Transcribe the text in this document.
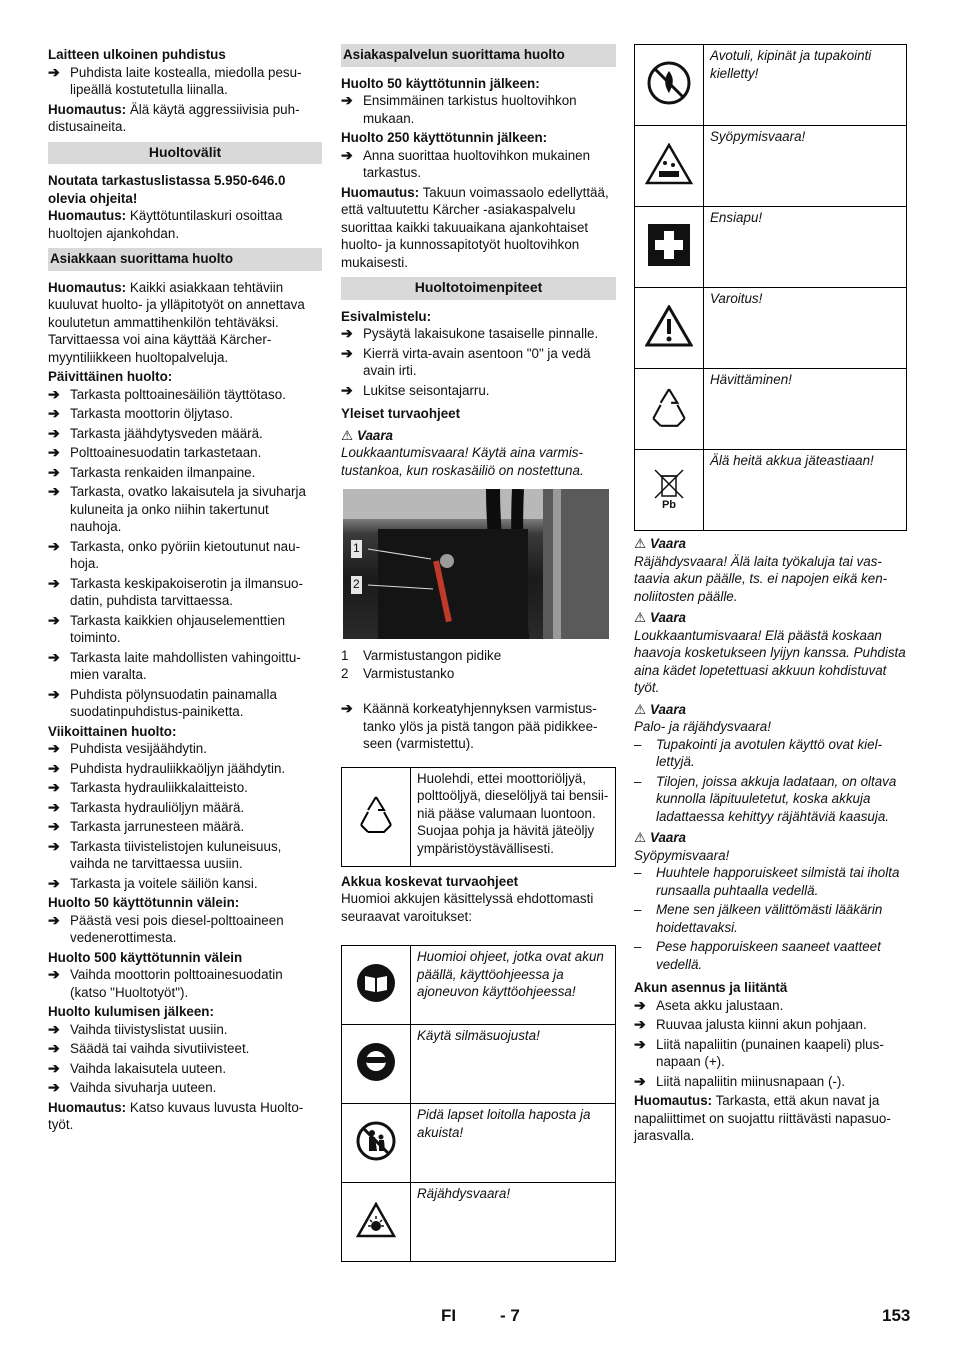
Laitteen ulkoinen puhdistus
➔ Puhdista laite kostealla, miedolla pesulipeällä kostutetulla liinalla.
Huomautus: Älä käytä aggressiivisia puhdistusaineita.
Huoltovälit
Noutata tarkastuslistassa 5.950-646.0 olevia ohjeita!
Huomautus: Käyttötuntilaskuri osoittaa huoltojen ajankohdan.
Asiakkaan suorittama huolto
Huomautus: Kaikki asiakkaan tehtäviin kuuluvat huolto- ja ylläpitotyöt on annettava koulutetun ammattihenkilön tehtäväksi. Tarvittaessa voi aina käyttää Kärcher-myyntiliikkeen huoltopalveluja.
Päivittäinen huolto:
➔ Tarkasta polttoainesäiliön täyttötaso.
➔ Tarkasta moottorin öljytaso.
➔ Tarkasta jäähdytysveden määrä.
➔ Polttoainesuodatin tarkastetaan.
➔ Tarkasta renkaiden ilmanpaine.
➔ Tarkasta, ovatko lakaisutela ja sivuharja kuluneita ja onko niihin takertunut nauhoja.
➔ Tarkasta, onko pyöriin kietoutunut nauhoja.
➔ Tarkasta keskipakoiserotin ja ilmansuodatin, puhdista tarvittaessa.
➔ Tarkasta kaikkien ohjauselementtien toiminto.
➔ Tarkasta laite mahdollisten vahingoittumien varalta.
➔ Puhdista pölynsuodatin painamalla suodatinpuhdistus-painiketta.
Viikoittainen huolto:
➔ Puhdista vesijäähdytin.
➔ Puhdista hydrauliikkaöljyn jäähdytin.
➔ Tarkasta hydrauliikkalaitteisto.
➔ Tarkasta hydrauliöljyn määrä.
➔ Tarkasta jarrunesteen määrä.
➔ Tarkasta tiivistelistojen kuluneisuus, vaihda ne tarvittaessa uusiin.
➔ Tarkasta ja voitele säiliön kansi.
Huolto 50 käyttötunnin välein:
➔ Päästä vesi pois diesel-polttoaineen vedenerottimesta.
Huolto 500 käyttötunnin välein
➔ Vaihda moottorin polttoainesuodatin (katso "Huoltotyöt").
Huolto kulumisen jälkeen:
➔ Vaihda tiivistyslistat uusiin.
➔ Säädä tai vaihda sivutiivisteet.
➔ Vaihda lakaisutela uuteen.
➔ Vaihda sivuharja uuteen.
Huomautus: Katso kuvaus luvusta Huoltotyöt.
Asiakaspalvelun suorittama huolto
Huolto 50 käyttötunnin jälkeen:
➔ Ensimmäinen tarkistus huoltovihkon mukaan.
Huolto 250 käyttötunnin jälkeen:
➔ Anna suorittaa huoltovihkon mukainen tarkastus.
Huomautus: Takuun voimassaolo edellyttää, että valtuutettu Kärcher -asiakaspalvelu suorittaa kaikki takuuaikana ajankohtaiset huolto- ja kunnossapitotyöt huoltovihkon mukaisesti.
Huoltotoimenpiteet
Esivalmistelu:
➔ Pysäytä lakaisukone tasaiselle pinnalle.
➔ Kierrä virta-avain asentoon "0" ja vedä avain irti.
➔ Lukitse seisontajarru.
Yleiset turvaohjeet
⚠ Vaara
Loukkaantumisvaara! Käytä aina varmistustankoa, kun roskasäiliö on nostettuna.
1
2
1 Varmistustangon pidike
2 Varmistustanko
➔ Käännä korkeatyhjennyksen varmistustanko ylös ja pistä tangon pää pidikkeeseen (varmistettu).
	Huolehdi, ettei moottoriöljyä, polttoöljyä, dieselöljyä tai bensiiniä pääse valumaan luontoon. Suojaa pohja ja hävitä jäteöljy ympäristöystävällisesti.
Akkua koskevat turvaohjeet
Huomioi akkujen käsittelyssä ehdottomasti seuraavat varoitukset:
	Huomioi ohjeet, jotka ovat akun päällä, käyttöohjeessa ja ajoneuvon käyttöohjeessa!
	Käytä silmäsuojusta!
	Pidä lapset loitolla haposta ja akuista!
	Räjähdysvaara!
	Avotuli, kipinät ja tupakointi kielletty!
	Syöpymisvaara!
	Ensiapu!
	Varoitus!
	Hävittäminen!

Pb	Älä heitä akkua jäteastiaan!
⚠ Vaara
Räjähdysvaara! Älä laita työkaluja tai vastaavia akun päälle, ts. ei napojen eikä kennoliitosten päälle.
⚠ Vaara
Loukkaantumisvaara! Elä päästä koskaan haavoja kosketukseen lyijyn kanssa. Puhdista aina kädet lopetettuasi akkuun kohdistuvat työt.
⚠ Vaara
Palo- ja räjähdysvaara!
– Tupakointi ja avotulen käyttö ovat kiellettyjä.
– Tilojen, joissa akkuja ladataan, on oltava kunnolla läpituuletetut, koska akkuja ladattaessa kehittyy räjähtäviä kaasuja.
⚠ Vaara
Syöpymisvaara!
– Huuhtele happoruiskeet silmistä tai iholta runsaalla puhtaalla vedellä.
– Mene sen jälkeen välittömästi lääkärin hoidettavaksi.
– Pese happoruiskeen saaneet vaatteet vedellä.
Akun asennus ja liitäntä
➔ Aseta akku jalustaan.
➔ Ruuvaa jalusta kiinni akun pohjaan.
➔ Liitä napaliitin (punainen kaapeli) plusnapaan (+).
➔ Liitä napaliitin miinusnapaan (-).
Huomautus: Tarkasta, että akun navat ja napaliittimet on suojattu riittävästi napasuojarasvalla.
FI	- 7	153
